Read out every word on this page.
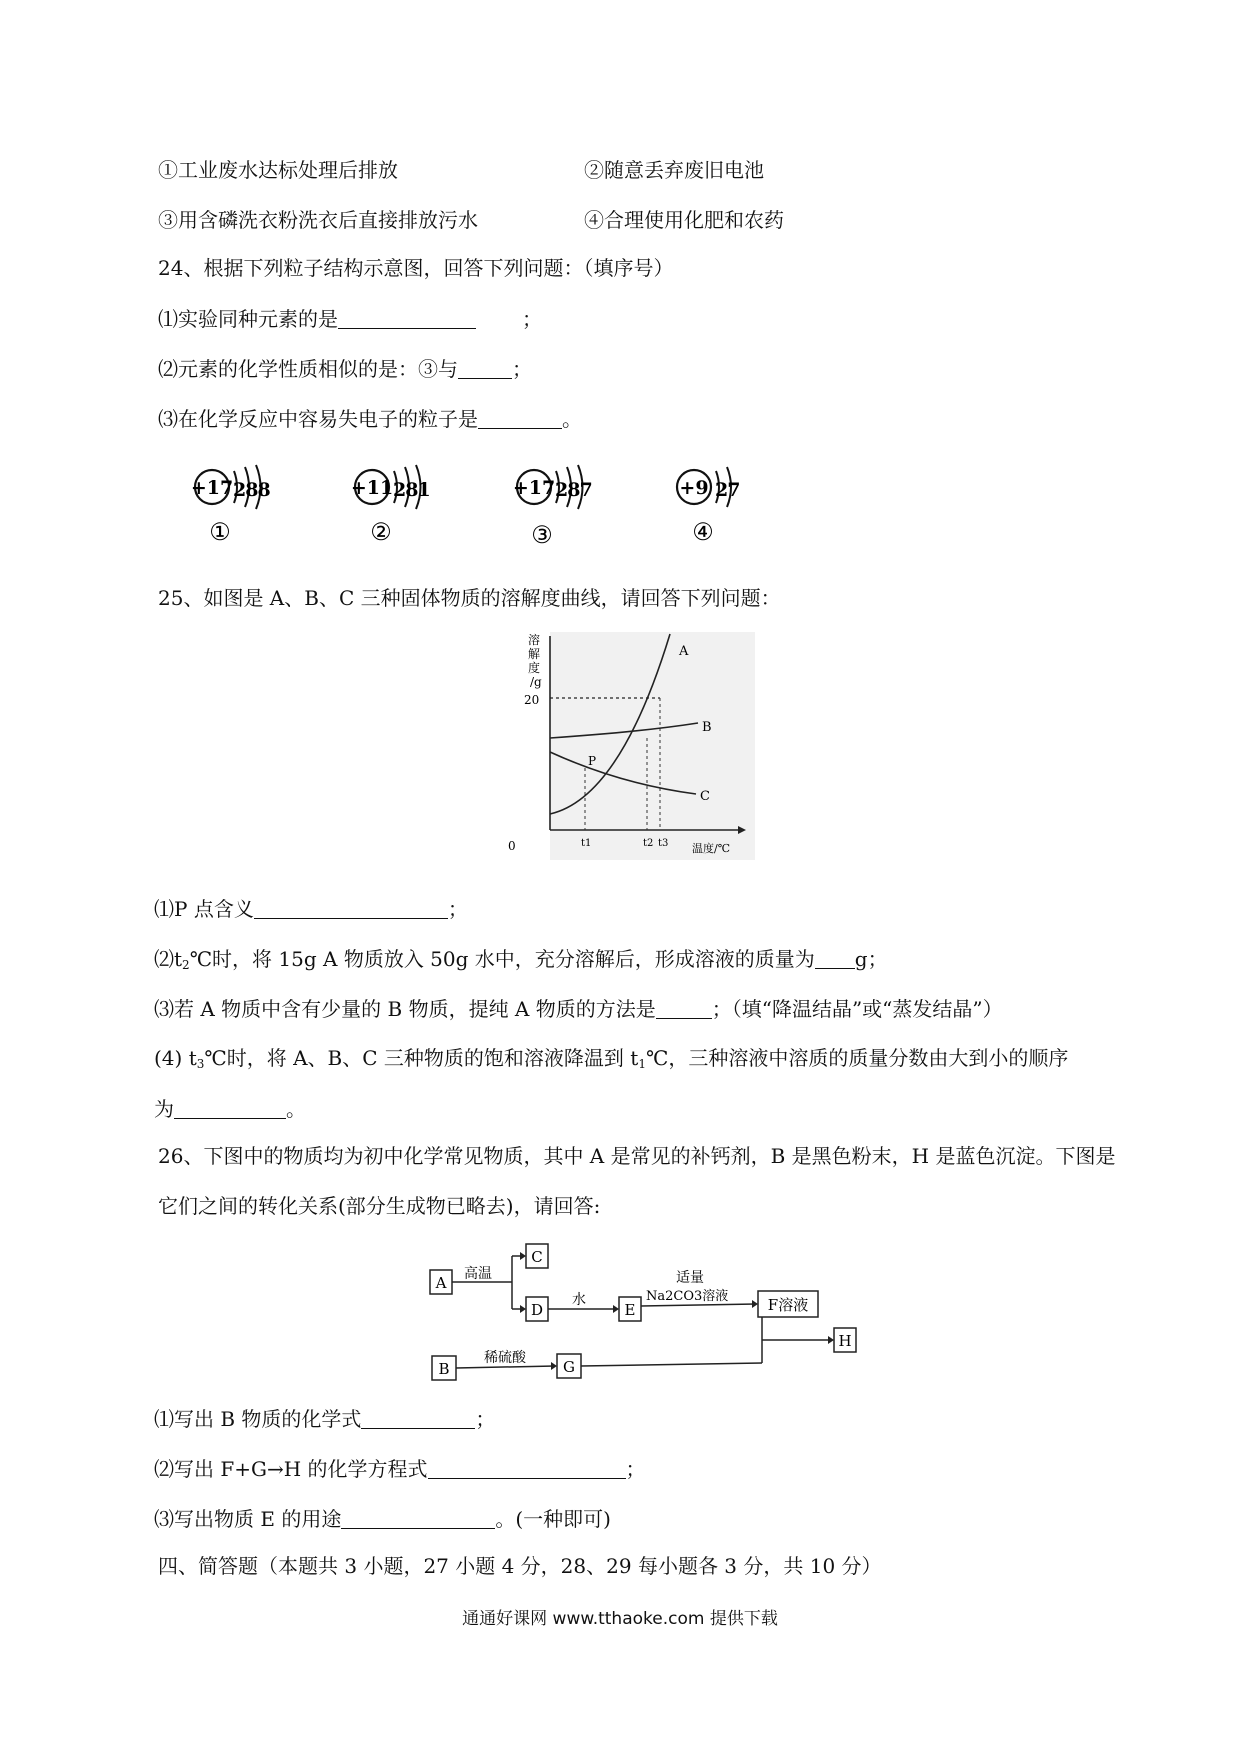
①工业废水达标处理后排放	②随意丢弃废旧电池
③用含磷洗衣粉洗衣后直接排放污水	④合理使用化肥和农药
24、根据下列粒子结构示意图，回答下列问题：（填序号）
⑴实验同种元素的是	；
⑵元素的化学性质相似的是：③与	；
⑶在化学反应中容易失电子的粒子是	。
+17 288	+11 281	+17 287	+9 27
①	②	③	④
25、如图是 A、B、C 三种固体物质的溶解度曲线，请回答下列问题：
溶
解
度
/g
A
B
C
P
20
0	t1	t2 t3 温度/℃
⑴P 点含义	；
$⑵t_2℃$时，将 15g A 物质放入 50g 水中，充分溶解后，形成溶液的质量为 g；
⑶若 A 物质中含有少量的 B 物质，提纯 A 物质的方法是	；（填“降温结晶”或“蒸发结晶”）
(4) $t_3℃$时，将 A、B、C 三种物质的饱和溶液降温到 $t_1℃$，三种溶液中溶质的质量分数由大到小的顺序
为	。
26、下图中的物质均为初中化学常见物质，其中 A 是常见的补钙剂，B 是黑色粉末，H 是蓝色沉淀。下图是
它们之间的转化关系(部分生成物已略去)，请回答:
A
C
D	E	F溶液
H
B	G
高温
水
适量
Na2CO3溶液
稀硫酸
⑴写出 B 物质的化学式	；
⑵写出 F+G→H 的化学方程式	；
⑶写出物质 E 的用途	。(一种即可)
四、简答题（本题共 3 小题，27 小题 4 分，28、29 每小题各 3 分，共 10 分）
通通好课网 www.tthaoke.com 提供下载
